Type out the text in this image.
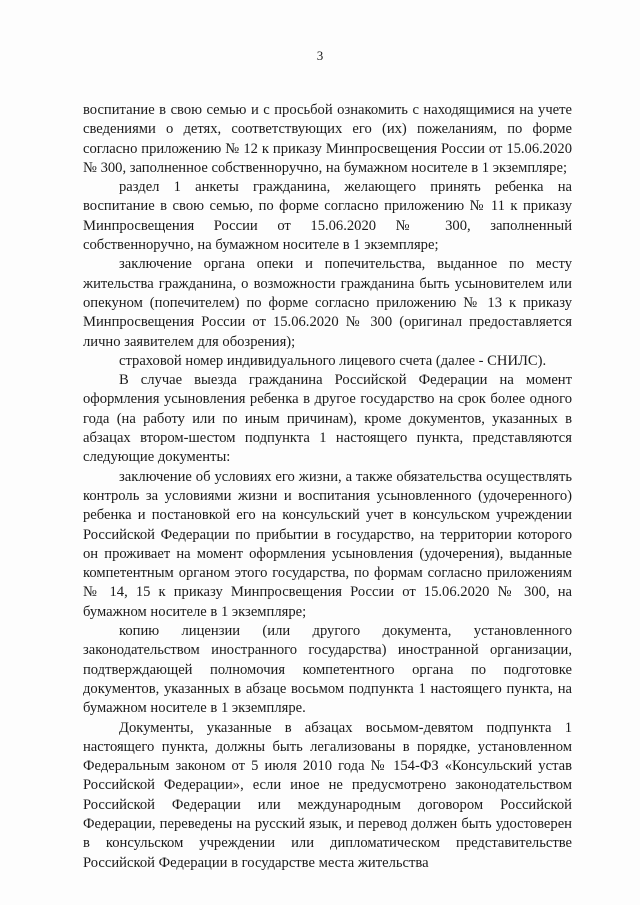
3

воспитание в свою семью и с просьбой ознакомить с находящимися на учете сведениями о детях, соответствующих его (их) пожеланиям, по форме согласно приложению № 12 к приказу Минпросвещения России от 15.06.2020 № 300, заполненное собственноручно, на бумажном носителе в 1 экземпляре;

раздел 1 анкеты гражданина, желающего принять ребенка на воспитание в свою семью, по форме согласно приложению № 11 к приказу Минпросвещения России от 15.06.2020 № 300, заполненный собственноручно, на бумажном носителе в 1 экземпляре;

заключение органа опеки и попечительства, выданное по месту жительства гражданина, о возможности гражданина быть усыновителем или опекуном (попечителем) по форме согласно приложению № 13 к приказу Минпросвещения России от 15.06.2020 № 300 (оригинал предоставляется лично заявителем для обозрения);

страховой номер индивидуального лицевого счета (далее - СНИЛС).

В случае выезда гражданина Российской Федерации на момент оформления усыновления ребенка в другое государство на срок более одного года (на работу или по иным причинам), кроме документов, указанных в абзацах втором-шестом подпункта 1 настоящего пункта, представляются следующие документы:

заключение об условиях его жизни, а также обязательства осуществлять контроль за условиями жизни и воспитания усыновленного (удочеренного) ребенка и постановкой его на консульский учет в консульском учреждении Российской Федерации по прибытии в государство, на территории которого он проживает на момент оформления усыновления (удочерения), выданные компетентным органом этого государства, по формам согласно приложениям № 14, 15 к приказу Минпросвещения России от 15.06.2020 № 300, на бумажном носителе в 1 экземпляре;

копию лицензии (или другого документа, установленного законодательством иностранного государства) иностранной организации, подтверждающей полномочия компетентного органа по подготовке документов, указанных в абзаце восьмом подпункта 1 настоящего пункта, на бумажном носителе в 1 экземпляре.

Документы, указанные в абзацах восьмом-девятом подпункта 1 настоящего пункта, должны быть легализованы в порядке, установленном Федеральным законом от 5 июля 2010 года № 154-ФЗ «Консульский устав Российской Федерации», если иное не предусмотрено законодательством Российской Федерации или международным договором Российской Федерации, переведены на русский язык, и перевод должен быть удостоверен в консульском учреждении или дипломатическом представительстве Российской Федерации в государстве места жительства
